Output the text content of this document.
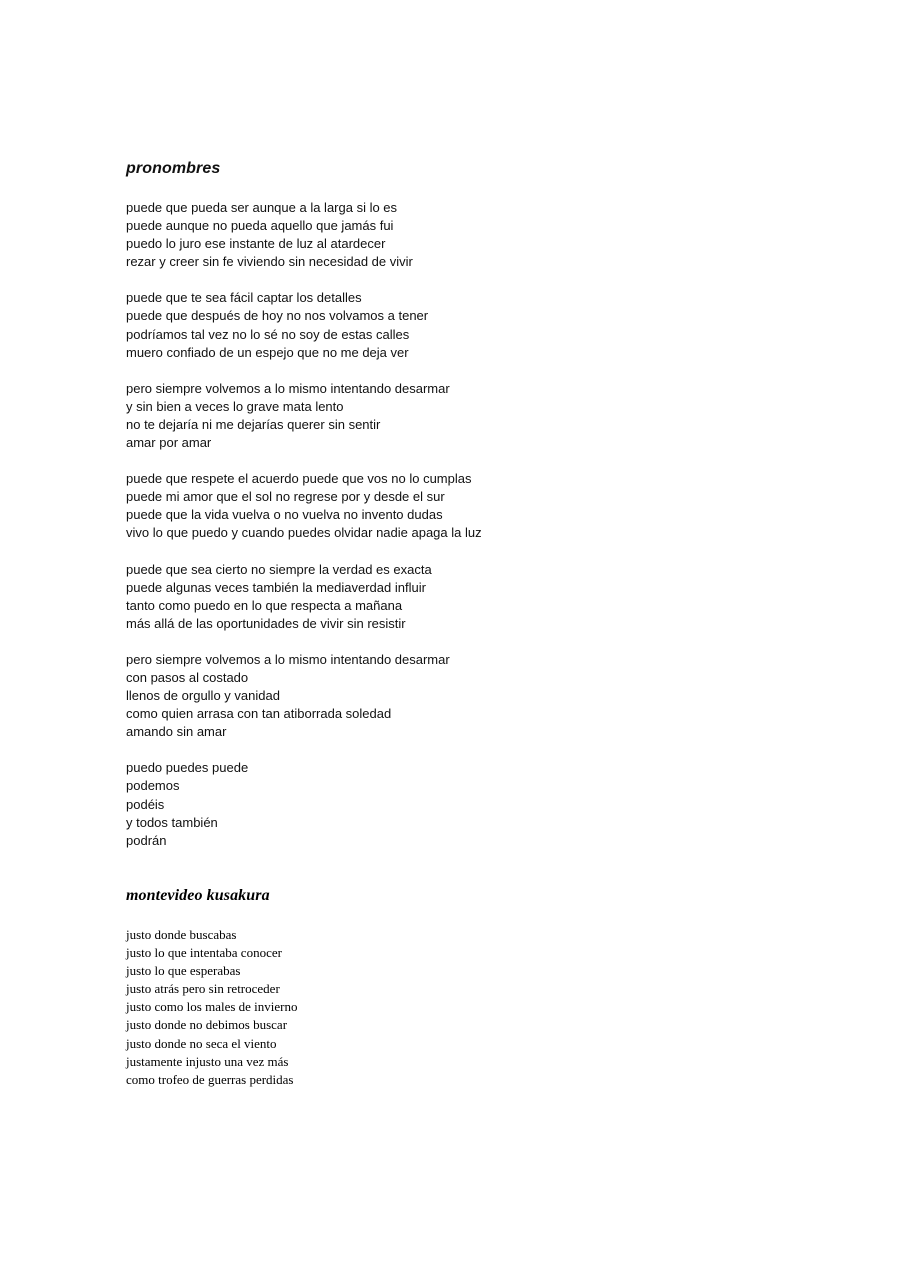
pronombres

puede que pueda ser aunque a la larga si lo es

puede aunque no pueda aquello que jamás fui

puedo lo juro ese instante de luz al atardecer

rezar y creer sin fe viviendo sin necesidad de vivir

puede que te sea fácil captar los detalles

puede que después de hoy no nos volvamos a tener

podríamos tal vez no lo sé no soy de estas calles

muero confiado de un espejo que no me deja ver

pero siempre volvemos a lo mismo intentando desarmar

y sin bien a veces lo grave mata lento

no te dejaría ni me dejarías querer sin sentir

amar por amar

puede que respete el acuerdo puede que vos no lo cumplas

puede mi amor que el sol no regrese por y desde el sur

puede que la vida vuelva o no vuelva no invento dudas

vivo lo que puedo y cuando puedes olvidar nadie apaga la luz

puede que sea cierto no siempre la verdad es exacta

puede algunas veces también la mediaverdad influir

tanto como puedo en lo que respecta a mañana

más allá de las oportunidades de vivir sin resistir

pero siempre volvemos a lo mismo intentando desarmar

con pasos al costado

llenos de orgullo y vanidad

como quien arrasa con tan atiborrada soledad

amando sin amar

puedo puedes puede

podemos

podéis

y todos también

podrán

montevideo kusakura

justo donde buscabas

justo lo que intentaba conocer

justo lo que esperabas

justo atrás pero sin retroceder

justo como los males de invierno

justo donde no debimos buscar

justo donde no seca el viento

justamente injusto una vez más

como trofeo de guerras perdidas
